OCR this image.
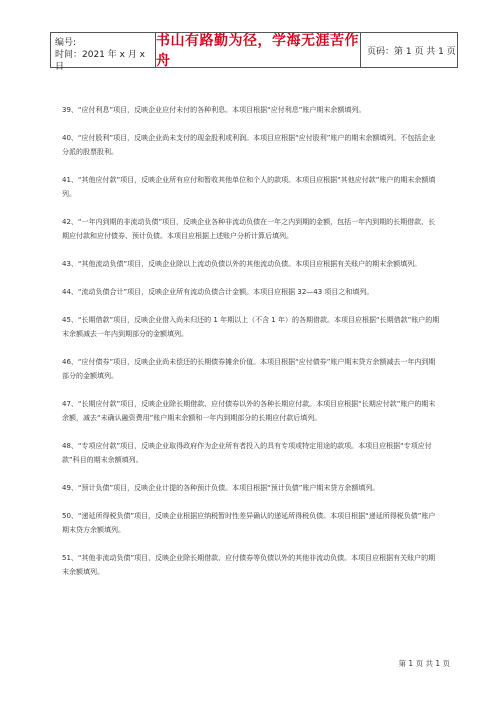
编号:
时间：2021 年 x 月 x 日
书山有路勤为径，学海无涯苦作舟
页码：第 1 页 共 1 页

39、“应付利息”项目，反映企业应付未付的各种利息。本项目根据“应付利息”账户期末余额填列。

40、“应付股利”项目，反映企业尚未支付的现金股利或利润。本项目应根据“应付股利”账户的期末余额填列。不包括企业分派的股票股利。

41、“其他应付款”项目，反映企业所有应付和暂收其他单位和个人的款项。本项目应根据“其他应付款”账户的期末余额填列。

42、“一年内到期的非流动负债”项目，反映企业各种非流动负债在一年之内到期的金额，包括一年内到期的长期借款、长期应付款和应付债券、预计负债。本项目应根据上述账户分析计算后填列。

43、“其他流动负债”项目，反映企业除以上流动负债以外的其他流动负债。本项目应根据有关账户的期末余额填列。

44、“流动负债合计”项目，反映企业所有流动负债合计金额。本项目应根据 32—43 项目之和填列。

45、“长期借款”项目，反映企业借入尚未归还的 1 年期以上（不含 1 年）的各期借款。本项目应根据“长期借款”账户的期末余额减去一年内到期部分的金额填列。

46、“应付债券”项目，反映企业尚未偿还的长期债券摊余价值。本项目根据“应付债券”账户期末贷方余额减去一年内到期部分的金额填列。

47、“长期应付款”项目，反映企业除长期借款、应付债券以外的各种长期应付款。本项目应根据“长期应付款”账户的期末余额，减去“未确认融资费用”账户期末余额和一年内到期部分的长期应付款后填列。

48、“专项应付款”项目，反映企业取得政府作为企业所有者投入的具有专项或特定用途的款项。本项目应根据“专项应付款”科目的期末余额填列。

49、“预计负债”项目，反映企业计提的各种预计负债。本项目根据“预计负债”账户期末贷方余额填列。

50、“递延所得税负债”项目，反映企业根据应纳税暂时性差异确认的递延所得税负债。本项目根据“递延所得税负债”账户期末贷方余额填列。

51、“其他非流动负债”项目，反映企业除长期借款、应付债券等负债以外的其他非流动负债。本项目应根据有关账户的期末余额填列。

第 1 页 共 1 页
